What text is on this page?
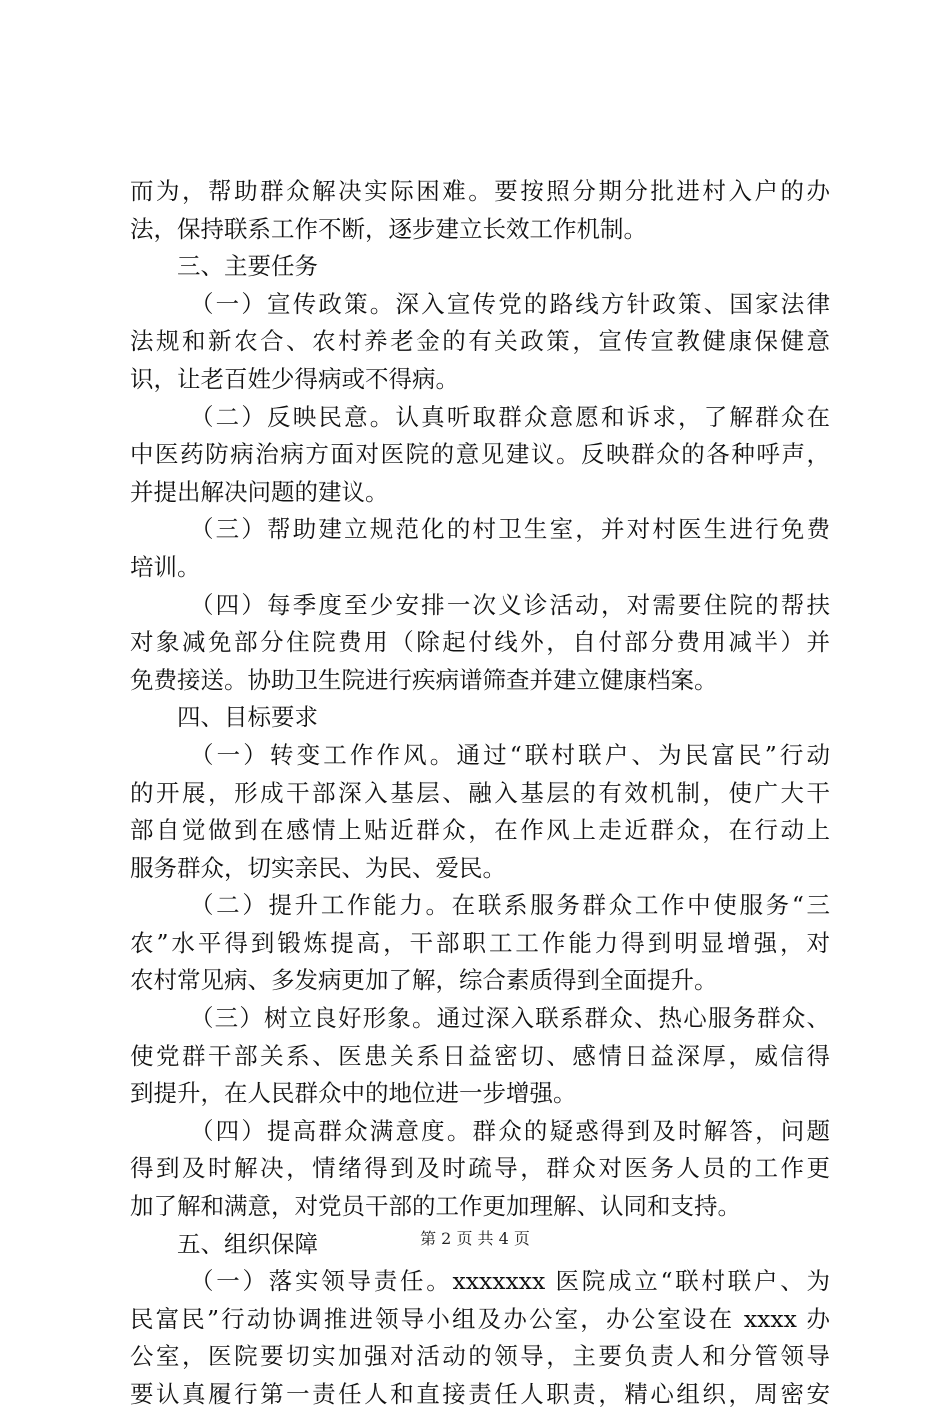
而为，帮助群众解决实际困难。要按照分期分批进村入户的办
法，保持联系工作不断，逐步建立长效工作机制。
三、主要任务
（一）宣传政策。深入宣传党的路线方针政策、国家法律
法规和新农合、农村养老金的有关政策，宣传宣教健康保健意
识，让老百姓少得病或不得病。
（二）反映民意。认真听取群众意愿和诉求，了解群众在
中医药防病治病方面对医院的意见建议。反映群众的各种呼声，
并提出解决问题的建议。
（三）帮助建立规范化的村卫生室，并对村医生进行免费
培训。
（四）每季度至少安排一次义诊活动，对需要住院的帮扶
对象减免部分住院费用（除起付线外，自付部分费用减半）并
免费接送。协助卫生院进行疾病谱筛查并建立健康档案。
四、目标要求
（一）转变工作作风。通过“联村联户、为民富民”行动
的开展，形成干部深入基层、融入基层的有效机制，使广大干
部自觉做到在感情上贴近群众，在作风上走近群众，在行动上
服务群众，切实亲民、为民、爱民。
（二）提升工作能力。在联系服务群众工作中使服务“三
农”水平得到锻炼提高，干部职工工作能力得到明显增强，对
农村常见病、多发病更加了解，综合素质得到全面提升。
（三）树立良好形象。通过深入联系群众、热心服务群众、
使党群干部关系、医患关系日益密切、感情日益深厚，威信得
到提升，在人民群众中的地位进一步增强。
（四）提高群众满意度。群众的疑惑得到及时解答，问题
得到及时解决，情绪得到及时疏导，群众对医务人员的工作更
加了解和满意，对党员干部的工作更加理解、认同和支持。
五、组织保障
（一）落实领导责任。xxxxxxx 医院成立“联村联户、为
民富民”行动协调推进领导小组及办公室，办公室设在 xxxx 办
公室，医院要切实加强对活动的领导，主要负责人和分管领导
要认真履行第一责任人和直接责任人职责，精心组织，周密安
第 2 页 共 4 页
